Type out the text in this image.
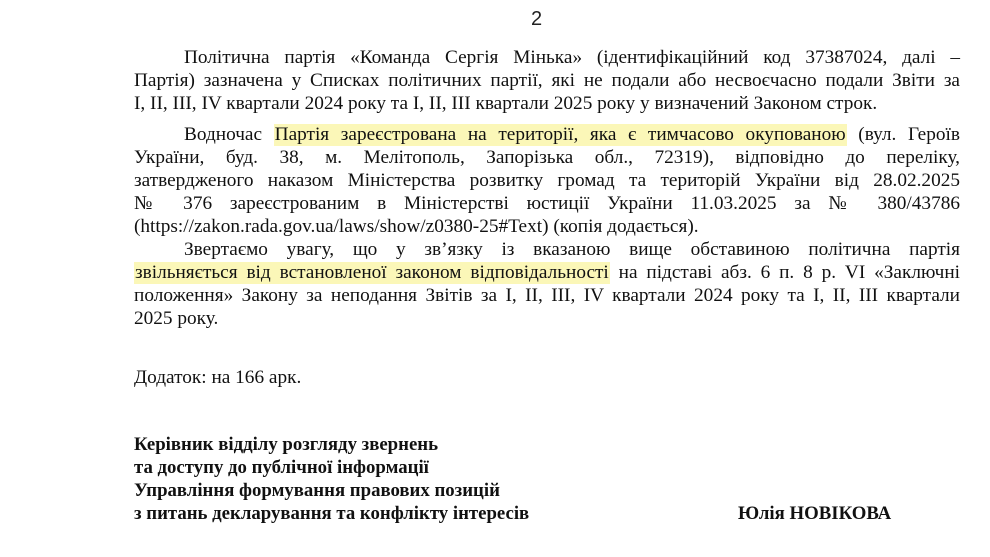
2
Політична партія «Команда Сергія Мінька» (ідентифікаційний код 37387024, далі –
Партія) зазначена у Списках політичних партії, які не подали або несвоєчасно подали Звіти за
I, II, III, IV квартали 2024 року та I, II, III квартали 2025 року у визначений Законом строк.
Водночас Партія зареєстрована на території, яка є тимчасово окупованою (вул. Героїв
України, буд. 38, м. Мелітополь, Запорізька обл., 72319), відповідно до переліку,
затвердженого наказом Міністерства розвитку громад та територій України від 28.02.2025
№ 376 зареєстрованим в Міністерстві юстиції України 11.03.2025 за № 380/43786
(https://zakon.rada.gov.ua/laws/show/z0380-25#Text) (копія додається).
Звертаємо увагу, що у зв’язку із вказаною вище обставиною політична партія
звільняється від встановленої законом відповідальності на підставі абз. 6 п. 8 р. VI «Заключні
положення» Закону за неподання Звітів за I, II, III, IV квартали 2024 року та I, II, III квартали
2025 року.
Додаток: на 166 арк.
Керівник відділу розгляду звернень
та доступу до публічної інформації
Управління формування правових позицій
з питань декларування та конфлікту інтересів	Юлія НОВІКОВА
